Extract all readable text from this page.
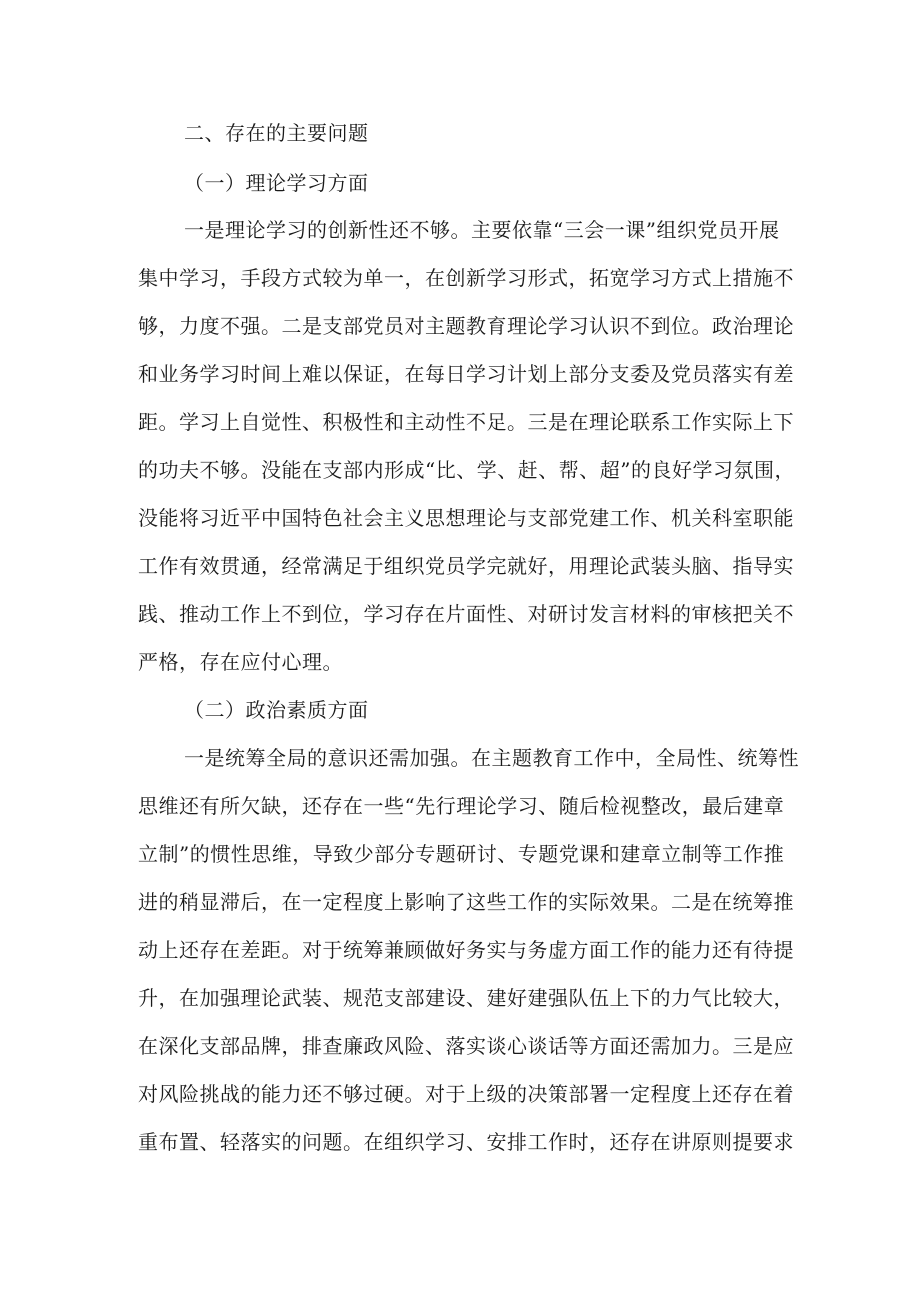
二、存在的主要问题
（一）理论学习方面
一是理论学习的创新性还不够。主要依靠“三会一课”组织党员开展
集中学习，手段方式较为单一，在创新学习形式，拓宽学习方式上措施不
够，力度不强。二是支部党员对主题教育理论学习认识不到位。政治理论
和业务学习时间上难以保证，在每日学习计划上部分支委及党员落实有差
距。学习上自觉性、积极性和主动性不足。三是在理论联系工作实际上下
的功夫不够。没能在支部内形成“比、学、赶、帮、超”的良好学习氛围，
没能将习近平中国特色社会主义思想理论与支部党建工作、机关科室职能
工作有效贯通，经常满足于组织党员学完就好，用理论武装头脑、指导实
践、推动工作上不到位，学习存在片面性、对研讨发言材料的审核把关不
严格，存在应付心理。
（二）政治素质方面
一是统筹全局的意识还需加强。在主题教育工作中，全局性、统筹性
思维还有所欠缺，还存在一些“先行理论学习、随后检视整改，最后建章
立制”的惯性思维，导致少部分专题研讨、专题党课和建章立制等工作推
进的稍显滞后，在一定程度上影响了这些工作的实际效果。二是在统筹推
动上还存在差距。对于统筹兼顾做好务实与务虚方面工作的能力还有待提
升，在加强理论武装、规范支部建设、建好建强队伍上下的力气比较大，
在深化支部品牌，排查廉政风险、落实谈心谈话等方面还需加力。三是应
对风险挑战的能力还不够过硬。对于上级的决策部署一定程度上还存在着
重布置、轻落实的问题。在组织学习、安排工作时，还存在讲原则提要求
